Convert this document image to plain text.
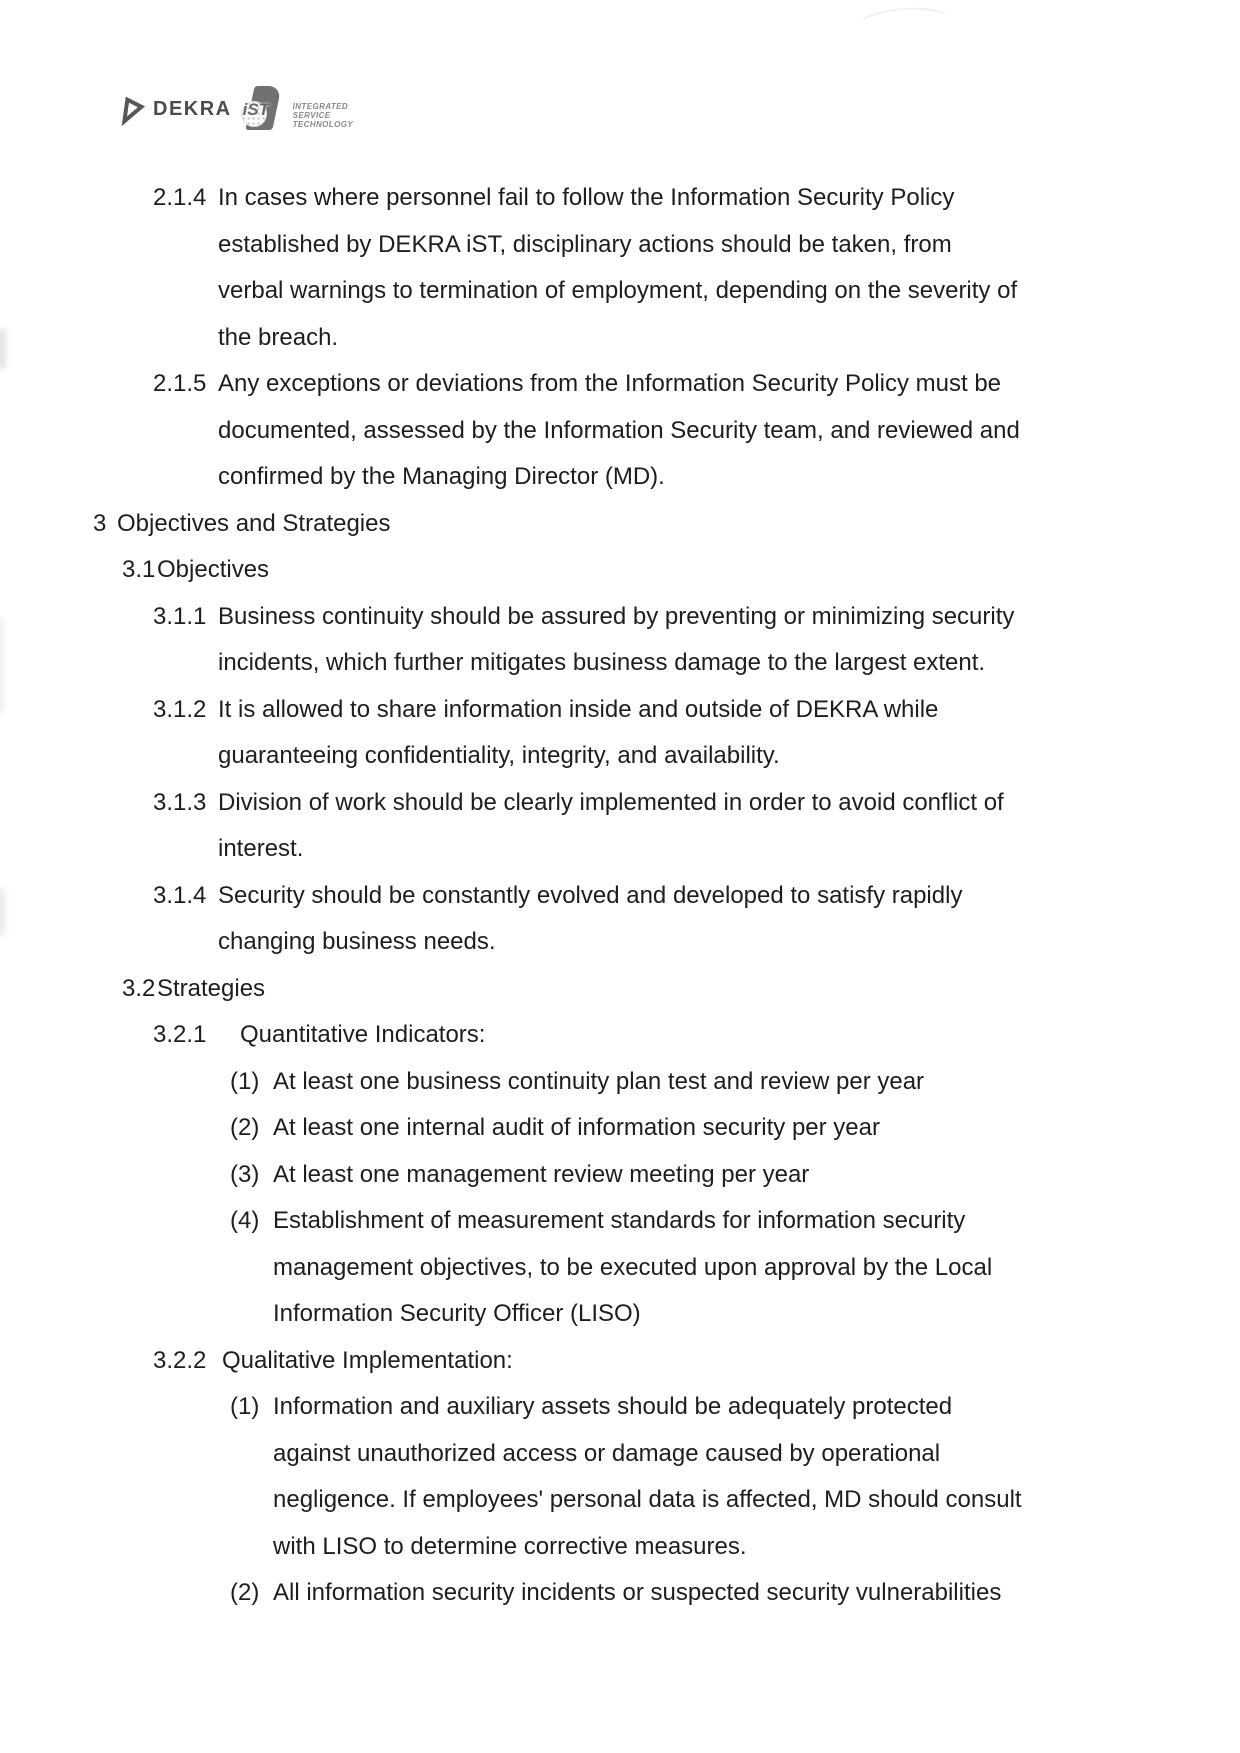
DEKRA iST	INTEGRATED
SERVICE
TECHNOLOGY
2.1.4 In cases where personnel fail to follow the Information Security Policy
established by DEKRA iST, disciplinary actions should be taken, from
verbal warnings to termination of employment, depending on the severity of
the breach.
2.1.5 Any exceptions or deviations from the Information Security Policy must be
documented, assessed by the Information Security team, and reviewed and
confirmed by the Managing Director (MD).
3 Objectives and Strategies
3.1 Objectives
3.1.1 Business continuity should be assured by preventing or minimizing security
incidents, which further mitigates business damage to the largest extent.
3.1.2 It is allowed to share information inside and outside of DEKRA while
guaranteeing confidentiality, integrity, and availability.
3.1.3 Division of work should be clearly implemented in order to avoid conflict of
interest.
3.1.4 Security should be constantly evolved and developed to satisfy rapidly
changing business needs.
3.2 Strategies
3.2.1	Quantitative Indicators:
(1) At least one business continuity plan test and review per year
(2) At least one internal audit of information security per year
(3) At least one management review meeting per year
(4) Establishment of measurement standards for information security
management objectives, to be executed upon approval by the Local
Information Security Officer (LISO)
3.2.2 Qualitative Implementation:
(1) Information and auxiliary assets should be adequately protected
against unauthorized access or damage caused by operational
negligence. If employees' personal data is affected, MD should consult
with LISO to determine corrective measures.
(2) All information security incidents or suspected security vulnerabilities
